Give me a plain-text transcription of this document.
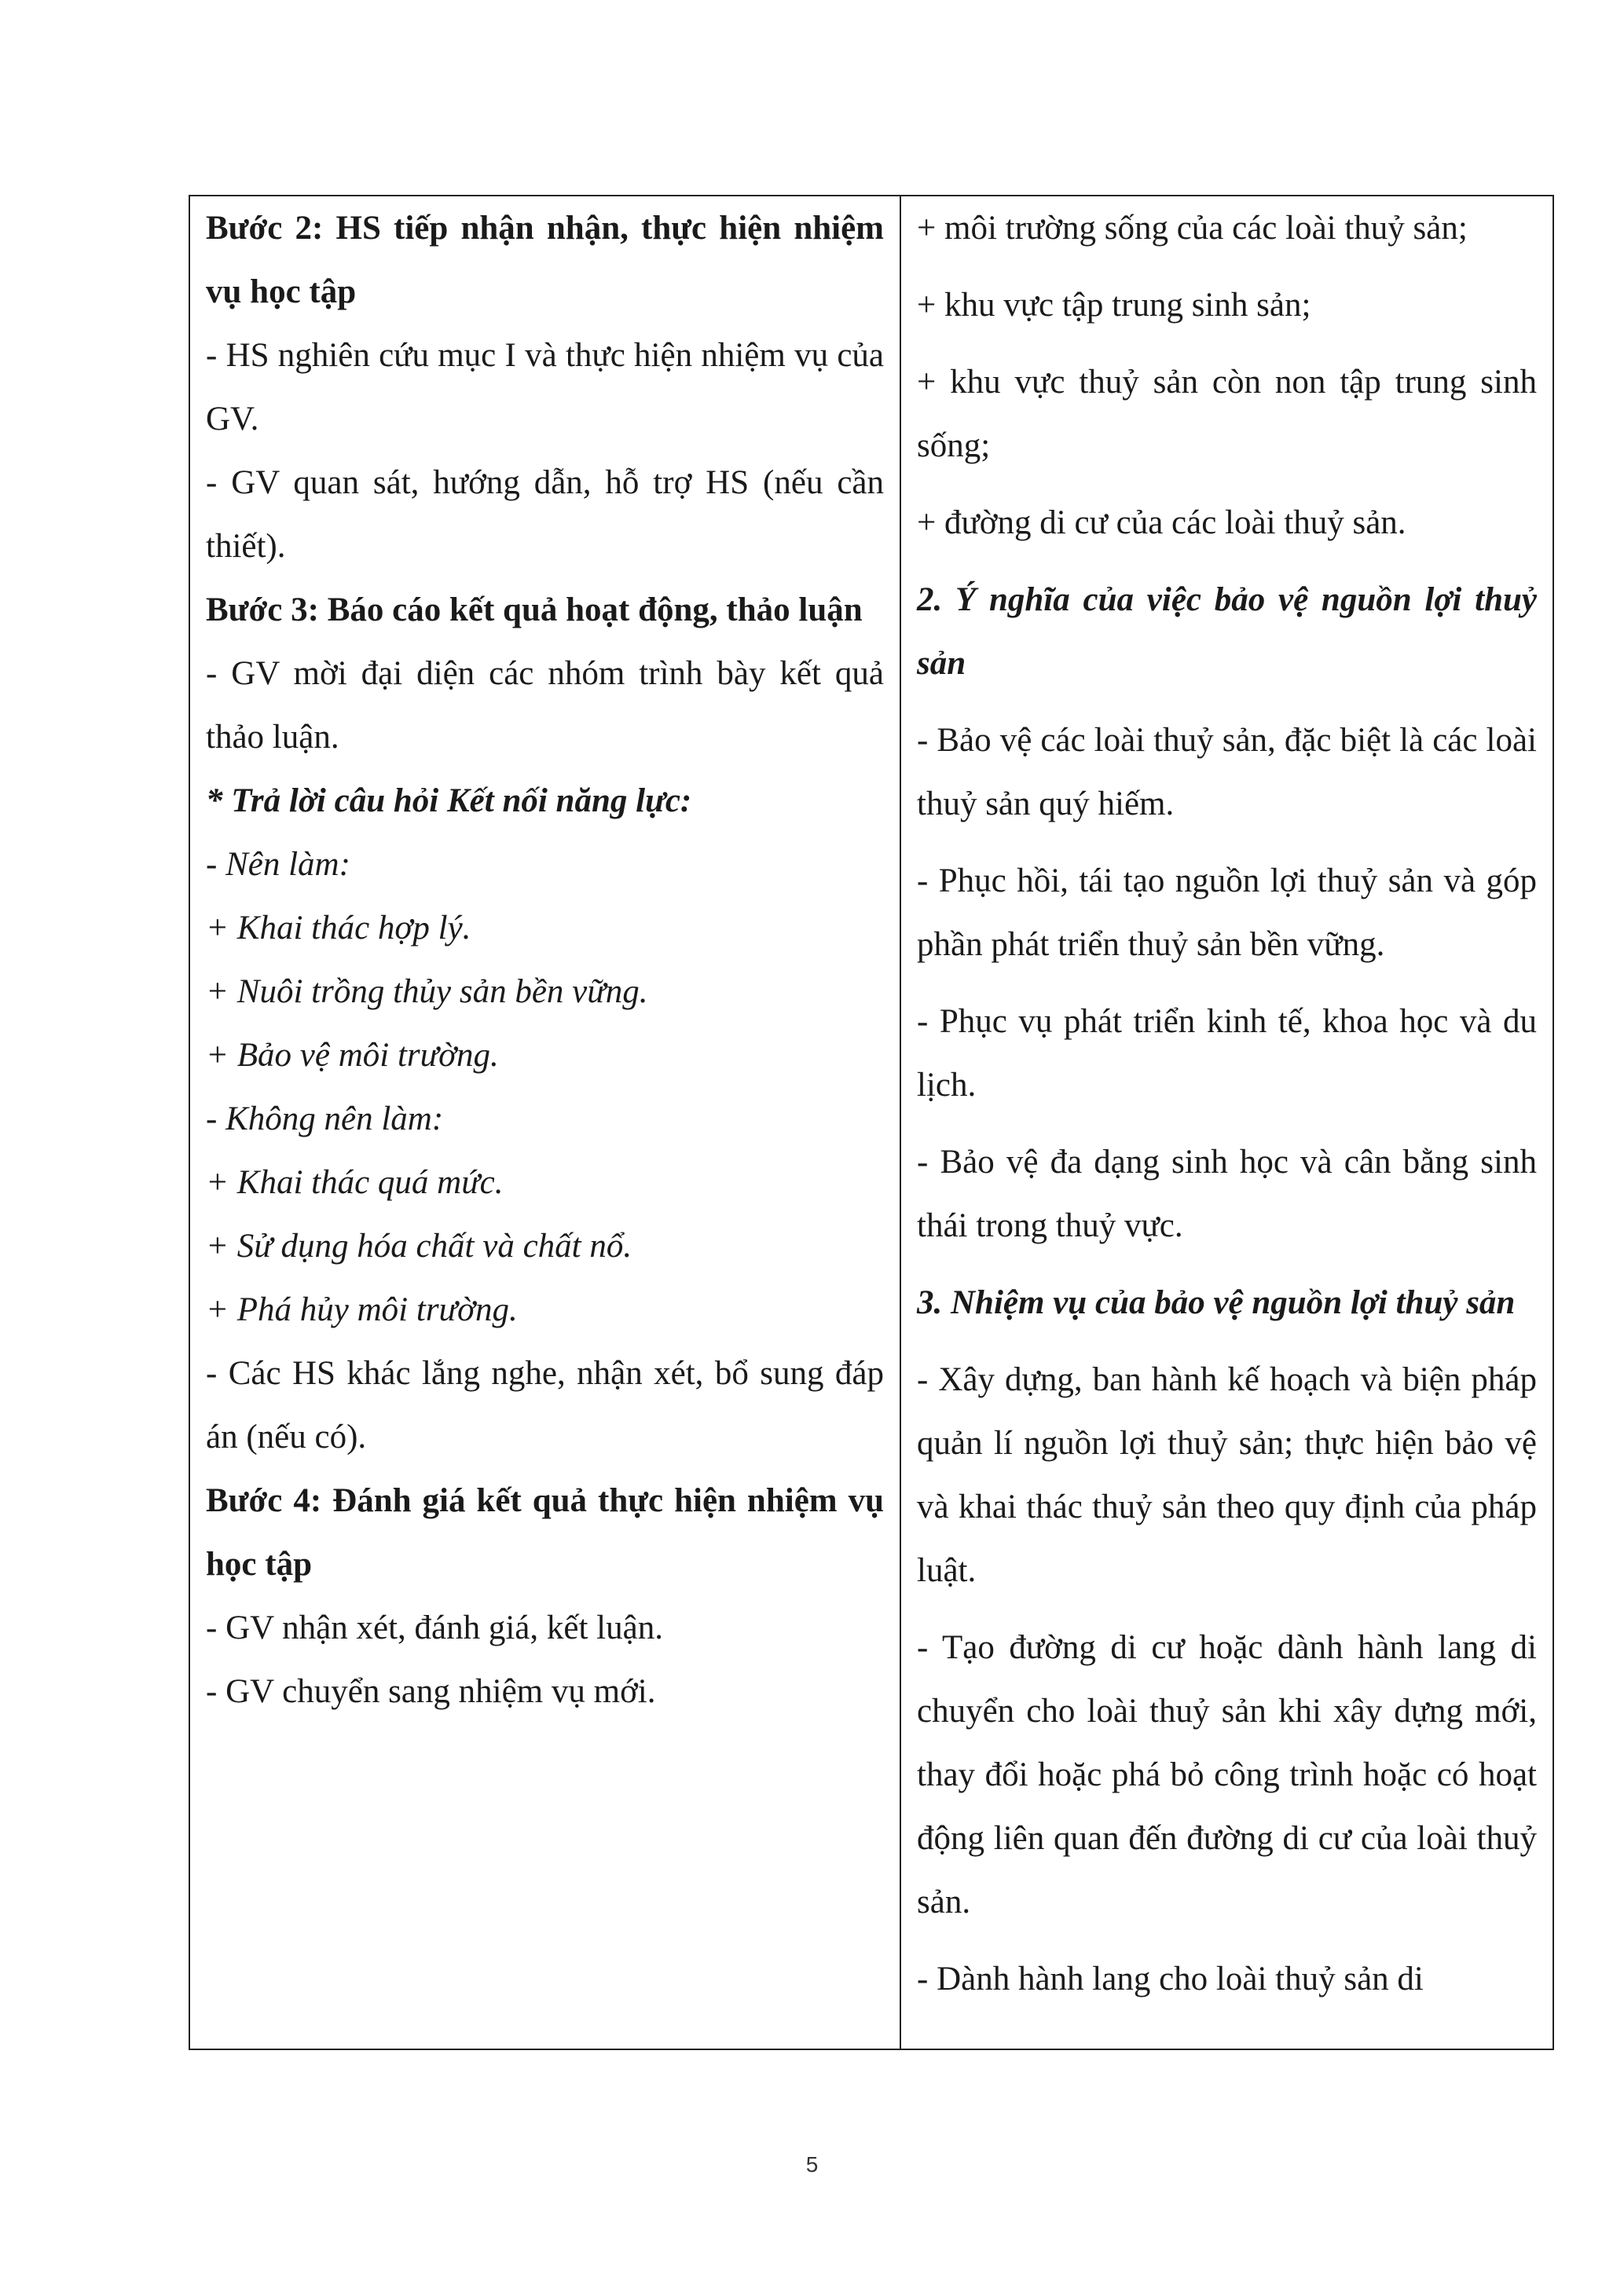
Bước 2: HS tiếp nhận nhận, thực hiện nhiệm vụ học tập

- HS nghiên cứu mục I và thực hiện nhiệm vụ của GV.

- GV quan sát, hướng dẫn, hỗ trợ HS (nếu cần thiết).

Bước 3: Báo cáo kết quả hoạt động, thảo luận

- GV mời đại diện các nhóm trình bày kết quả thảo luận.

* Trả lời câu hỏi Kết nối năng lực:

- Nên làm:

+ Khai thác hợp lý.

+ Nuôi trồng thủy sản bền vững.

+ Bảo vệ môi trường.

- Không nên làm:

+ Khai thác quá mức.

+ Sử dụng hóa chất và chất nổ.

+ Phá hủy môi trường.

- Các HS khác lắng nghe, nhận xét, bổ sung đáp án (nếu có).

Bước 4: Đánh giá kết quả thực hiện nhiệm vụ học tập

- GV nhận xét, đánh giá, kết luận.

- GV chuyển sang nhiệm vụ mới.

+ môi trường sống của các loài thuỷ sản;

+ khu vực tập trung sinh sản;

+ khu vực thuỷ sản còn non tập trung sinh sống;

+ đường di cư của các loài thuỷ sản.

2. Ý nghĩa của việc bảo vệ nguồn lợi thuỷ sản

- Bảo vệ các loài thuỷ sản, đặc biệt là các loài thuỷ sản quý hiếm.

- Phục hồi, tái tạo nguồn lợi thuỷ sản và góp phần phát triển thuỷ sản bền vững.

- Phục vụ phát triển kinh tế, khoa học và du lịch.

- Bảo vệ đa dạng sinh học và cân bằng sinh thái trong thuỷ vực.

3. Nhiệm vụ của bảo vệ nguồn lợi thuỷ sản

- Xây dựng, ban hành kế hoạch và biện pháp quản lí nguồn lợi thuỷ sản; thực hiện bảo vệ và khai thác thuỷ sản theo quy định của pháp luật.

- Tạo đường di cư hoặc dành hành lang di chuyển cho loài thuỷ sản khi xây dựng mới, thay đổi hoặc phá bỏ công trình hoặc có hoạt động liên quan đến đường di cư của loài thuỷ sản.

- Dành hành lang cho loài thuỷ sản di

5
